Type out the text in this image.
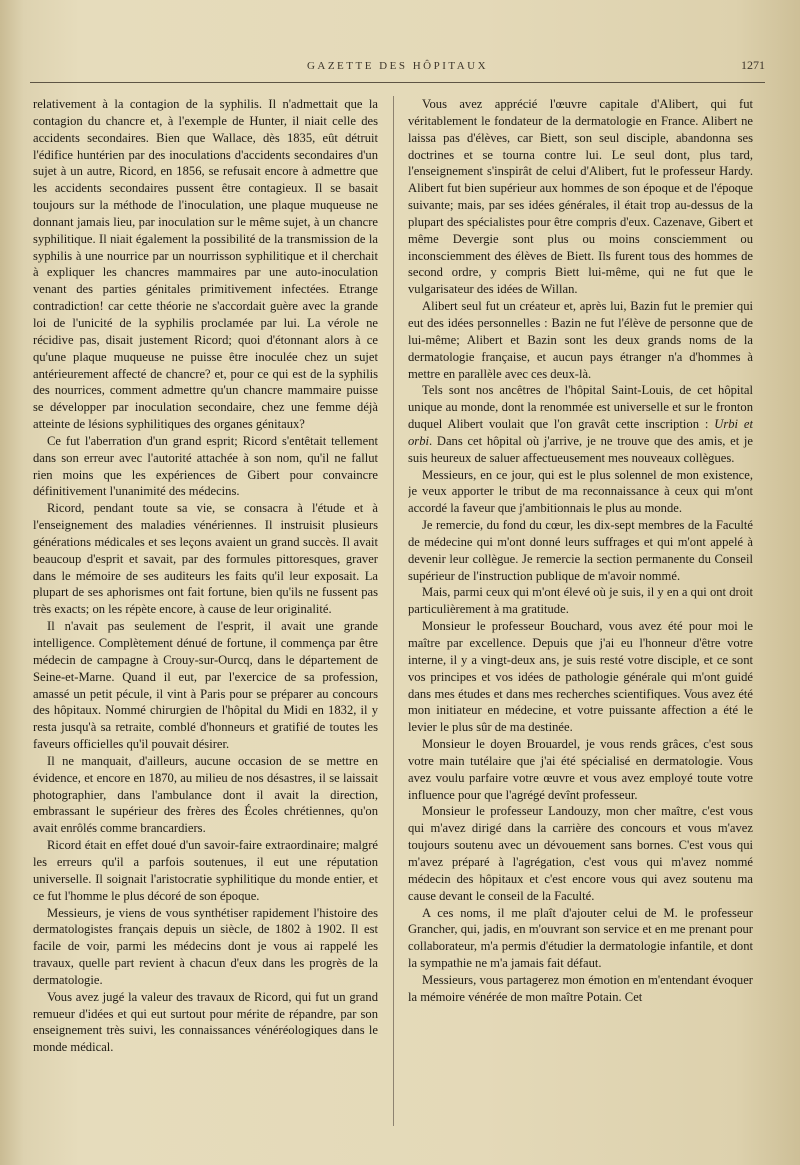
GAZETTE DES HÔPITAUX	1271

relativement à la contagion de la syphilis. Il n'admettait que la contagion du chancre et, à l'exemple de Hunter, il niait celle des accidents secondaires. Bien que Wallace, dès 1835, eût détruit l'édifice huntérien par des inoculations d'accidents secondaires d'un sujet à un autre, Ricord, en 1856, se refusait encore à admettre que les accidents secondaires pussent être contagieux. Il se basait toujours sur la méthode de l'inoculation, une plaque muqueuse ne donnant jamais lieu, par inoculation sur le même sujet, à un chancre syphilitique. Il niait également la possibilité de la transmission de la syphilis à une nourrice par un nourrisson syphilitique et il cherchait à expliquer les chancres mammaires par une auto-inoculation venant des parties génitales primitivement infectées. Etrange contradiction! car cette théorie ne s'accordait guère avec la grande loi de l'unicité de la syphilis proclamée par lui. La vérole ne récidive pas, disait justement Ricord; quoi d'étonnant alors à ce qu'une plaque muqueuse ne puisse être inoculée chez un sujet antérieurement affecté de chancre? et, pour ce qui est de la syphilis des nourrices, comment admettre qu'un chancre mammaire puisse se développer par inoculation secondaire, chez une femme déjà atteinte de lésions syphilitiques des organes génitaux?

Ce fut l'aberration d'un grand esprit; Ricord s'entêtait tellement dans son erreur avec l'autorité attachée à son nom, qu'il ne fallut rien moins que les expériences de Gibert pour convaincre définitivement l'unanimité des médecins.

Ricord, pendant toute sa vie, se consacra à l'étude et à l'enseignement des maladies vénériennes. Il instruisit plusieurs générations médicales et ses leçons avaient un grand succès. Il avait beaucoup d'esprit et savait, par des formules pittoresques, graver dans le mémoire de ses auditeurs les faits qu'il leur exposait. La plupart de ses aphorismes ont fait fortune, bien qu'ils ne fussent pas très exacts; on les répète encore, à cause de leur originalité.

Il n'avait pas seulement de l'esprit, il avait une grande intelligence. Complètement dénué de fortune, il commença par être médecin de campagne à Crouy-sur-Ourcq, dans le département de Seine-et-Marne. Quand il eut, par l'exercice de sa profession, amassé un petit pécule, il vint à Paris pour se préparer au concours des hôpitaux. Nommé chirurgien de l'hôpital du Midi en 1832, il y resta jusqu'à sa retraite, comblé d'honneurs et gratifié de toutes les faveurs officielles qu'il pouvait désirer.

Il ne manquait, d'ailleurs, aucune occasion de se mettre en évidence, et encore en 1870, au milieu de nos désastres, il se laissait photographier, dans l'ambulance dont il avait la direction, embrassant le supérieur des frères des Écoles chrétiennes, qu'on avait enrôlés comme brancardiers.

Ricord était en effet doué d'un savoir-faire extraordinaire; malgré les erreurs qu'il a parfois soutenues, il eut une réputation universelle. Il soignait l'aristocratie syphilitique du monde entier, et ce fut l'homme le plus décoré de son époque.

Messieurs, je viens de vous synthétiser rapidement l'histoire des dermatologistes français depuis un siècle, de 1802 à 1902. Il est facile de voir, parmi les médecins dont je vous ai rappelé les travaux, quelle part revient à chacun d'eux dans les progrès de la dermatologie.

Vous avez jugé la valeur des travaux de Ricord, qui fut un grand remueur d'idées et qui eut surtout pour mérite de répandre, par son enseignement très suivi, les connaissances vénéréologiques dans le monde médical.

Vous avez apprécié l'œuvre capitale d'Alibert, qui fut véritablement le fondateur de la dermatologie en France. Alibert ne laissa pas d'élèves, car Biett, son seul disciple, abandonna ses doctrines et se tourna contre lui. Le seul dont, plus tard, l'enseignement s'inspirât de celui d'Alibert, fut le professeur Hardy. Alibert fut bien supérieur aux hommes de son époque et de l'époque suivante; mais, par ses idées générales, il était trop au-dessus de la plupart des spécialistes pour être compris d'eux. Cazenave, Gibert et même Devergie sont plus ou moins consciemment ou inconsciemment des élèves de Biett. Ils furent tous des hommes de second ordre, y compris Biett lui-même, qui ne fut que le vulgarisateur des idées de Willan.

Alibert seul fut un créateur et, après lui, Bazin fut le premier qui eut des idées personnelles : Bazin ne fut l'élève de personne que de lui-même; Alibert et Bazin sont les deux grands noms de la dermatologie française, et aucun pays étranger n'a d'hommes à mettre en parallèle avec ces deux-là.

Tels sont nos ancêtres de l'hôpital Saint-Louis, de cet hôpital unique au monde, dont la renommée est universelle et sur le fronton duquel Alibert voulait que l'on gravât cette inscription : Urbi et orbi. Dans cet hôpital où j'arrive, je ne trouve que des amis, et je suis heureux de saluer affectueusement mes nouveaux collègues.

Messieurs, en ce jour, qui est le plus solennel de mon existence, je veux apporter le tribut de ma reconnaissance à ceux qui m'ont accordé la faveur que j'ambitionnais le plus au monde.

Je remercie, du fond du cœur, les dix-sept membres de la Faculté de médecine qui m'ont donné leurs suffrages et qui m'ont appelé à devenir leur collègue. Je remercie la section permanente du Conseil supérieur de l'instruction publique de m'avoir nommé.

Mais, parmi ceux qui m'ont élevé où je suis, il y en a qui ont droit particulièrement à ma gratitude.

Monsieur le professeur Bouchard, vous avez été pour moi le maître par excellence. Depuis que j'ai eu l'honneur d'être votre interne, il y a vingt-deux ans, je suis resté votre disciple, et ce sont vos principes et vos idées de pathologie générale qui m'ont guidé dans mes études et dans mes recherches scientifiques. Vous avez été mon initiateur en médecine, et votre puissante affection a été le levier le plus sûr de ma destinée.

Monsieur le doyen Brouardel, je vous rends grâces, c'est sous votre main tutélaire que j'ai été spécialisé en dermatologie. Vous avez voulu parfaire votre œuvre et vous avez employé toute votre influence pour que l'agrégé devînt professeur.

Monsieur le professeur Landouzy, mon cher maître, c'est vous qui m'avez dirigé dans la carrière des concours et vous m'avez toujours soutenu avec un dévouement sans bornes. C'est vous qui m'avez préparé à l'agrégation, c'est vous qui m'avez nommé médecin des hôpitaux et c'est encore vous qui avez soutenu ma cause devant le conseil de la Faculté.

A ces noms, il me plaît d'ajouter celui de M. le professeur Grancher, qui, jadis, en m'ouvrant son service et en me prenant pour collaborateur, m'a permis d'étudier la dermatologie infantile, et dont la sympathie ne m'a jamais fait défaut.

Messieurs, vous partagerez mon émotion en m'entendant évoquer la mémoire vénérée de mon maître Potain. Cet
